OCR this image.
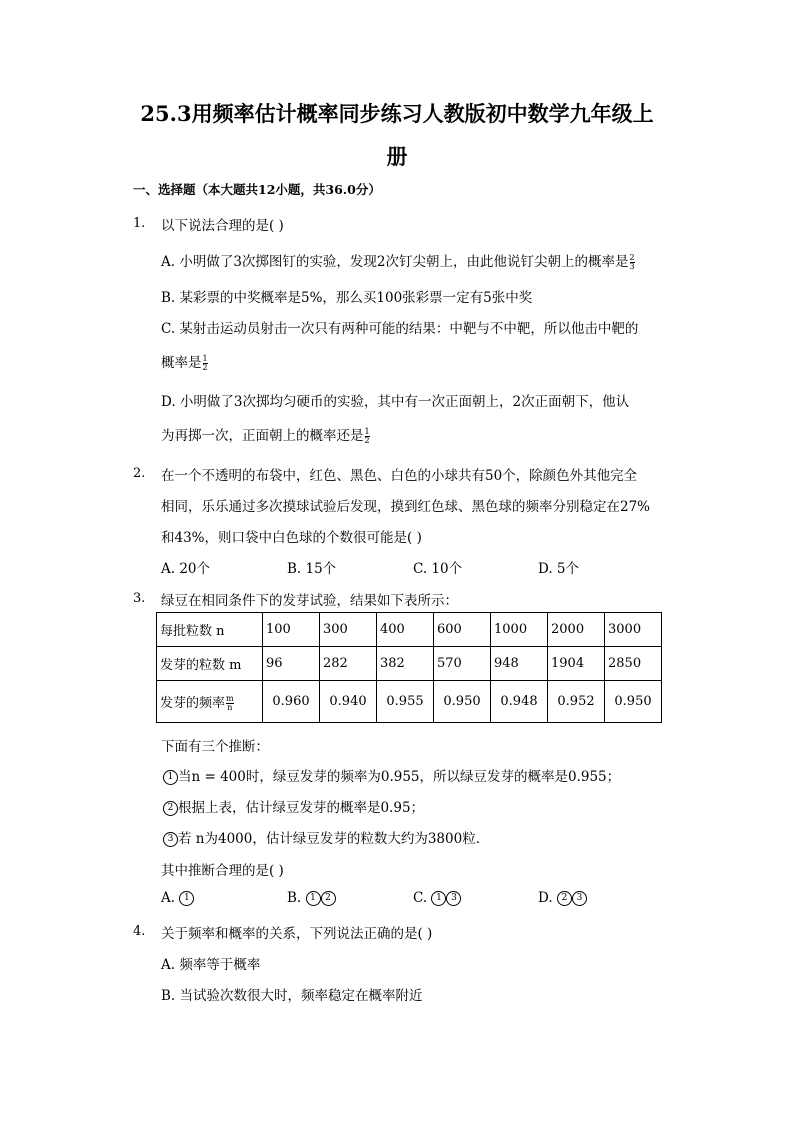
25.3用频率估计概率同步练习人教版初中数学九年级上
册
一、选择题（本大题共12小题，共36.0分）
1. 以下说法合理的是( )
A. 小明做了3次掷图钉的实验，发现2次钉尖朝上，由此他说钉尖朝上的概率是 $\frac{2}{3}$
B. 某彩票的中奖概率是5%，那么买100张彩票一定有5张中奖
C. 某射击运动员射击一次只有两种可能的结果：中靶与不中靶，所以他击中靶的
概率是 $\frac{1}{2}$
D. 小明做了3次掷均匀硬币的实验，其中有一次正面朝上，2次正面朝下，他认
为再掷一次，正面朝上的概率还是 $\frac{1}{2}$
2. 在一个不透明的布袋中，红色、黑色、白色的小球共有50个，除颜色外其他完全
相同，乐乐通过多次摸球试验后发现，摸到红色球、黑色球的频率分别稳定在27%
和43%，则口袋中白色球的个数很可能是( )
A. 20个	B. 15个	C. 10个	D. 5个
3. 绿豆在相同条件下的发芽试验，结果如下表所示：
每批粒数 n	100	300	400	600	1000	2000	3000
发芽的粒数 m	96	282	382	570	948	1904	2850
发芽的频率 $\frac{m}{n}$	0.960	0.940	0.955	0.950	0.948	0.952	0.950
下面有三个推断：
1 当n = 400时，绿豆发芽的频率为0.955，所以绿豆发芽的概率是0.955；
2 根据上表，估计绿豆发芽的概率是0.95；
3 若 n为4000，估计绿豆发芽的粒数大约为3800粒．
其中推断合理的是( )
A. 1	B. 1 2	C. 1 3	D. 2 3
4. 关于频率和概率的关系，下列说法正确的是( )
A. 频率等于概率
B. 当试验次数很大时，频率稳定在概率附近
